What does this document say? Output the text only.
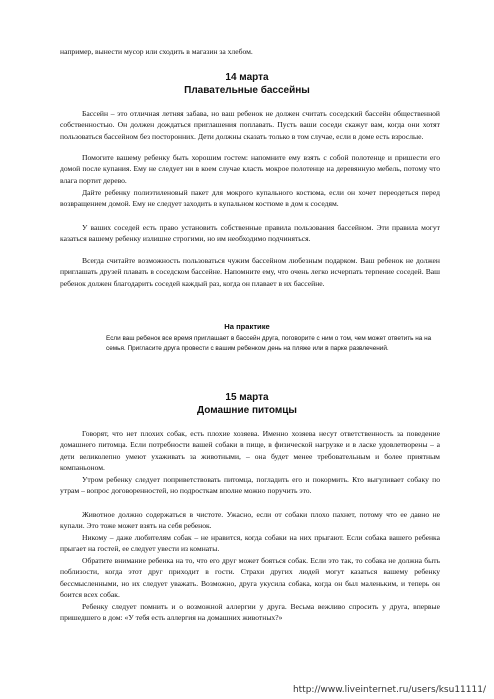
например, вынести мусор или сходить в магазин за хлебом.

14 марта
Плавательные бассейны

Бассейн – это отличная летняя забава, но ваш ребенок не должен считать соседский бассейн общественной собственностью. Он должен дождаться приглашения поплавать. Пусть ваши соседи скажут вам, когда они хотят пользоваться бассейном без посторонних. Дети должны сказать только в том случае, если в доме есть взрослые.

Помогите вашему ребенку быть хорошим гостем: напомните ему взять с собой полотенце и пришести его домой после купания. Ему не следует ни в коем случае класть мокрое полотенце на деревянную мебель, потому что влага портит дерево.

Дайте ребенку полиэтиленовый пакет для мокрого купального костюма, если он хочет переодеться перед возвращением домой. Ему не следует заходить в купальном костюме в дом к соседям.

У ваших соседей есть право установить собственные правила пользования бассейном. Эти правила могут казаться вашему ребенку излишне строгими, но им необходимо подчиняться.

Всегда считайте возможность пользоваться чужим бассейном любезным подарком. Ваш ребенок не должен приглашать друзей плавать в соседском бассейне. Напомните ему, что очень легко исчерпать терпение соседей. Ваш ребенок должен благодарить соседей каждый раз, когда он плавает в их бассейне.

На практике

Если ваш ребенок все время приглашает в бассейн друга, поговорите с ним о том, чем может ответить на на семья. Пригласите друга провести с вашим ребенком день на пляже или в парке развлечений.

15 марта
Домашние питомцы

Говорят, что нет плохих собак, есть плохие хозяева. Именно хозяева несут ответственность за поведение домашнего питомца. Если потребности вашей собаки в пище, в физической нагрузке и в ласке удовлетворены – а дети великолепно умеют ухаживать за животными, – она будет менее требовательным и более приятным компаньоном.

Утром ребенку следует поприветствовать питомца, погладить его и покормить. Кто выгуливает собаку по утрам – вопрос договоренностей, но подросткам вполне можно поручить это.

Животное должно содержаться в чистоте. Ужасно, если от собаки плохо пахнет, потому что ее давно не купали. Это тоже может взять на себя ребенок.

Никому – даже любителям собак – не нравится, когда собаки на них прыгают. Если собака вашего ребенка прыгает на гостей, ее следует увести из комнаты.

Обратите внимание ребенка на то, что его друг может бояться собак. Если это так, то собака не должна быть поблизости, когда этот друг приходит в гости. Страхи других людей могут казаться вашему ребенку бессмысленными, но их следует уважать. Возможно, друга укусила собака, когда он был маленьким, и теперь он боится всех собак.

Ребенку следует помнить и о возможной аллергии у друга. Весьма вежливо спросить у друга, впервые пришедшего в дом: «У тебя есть аллергия на домашних животных?»

http://www.liveinternet.ru/users/ksu11111/
